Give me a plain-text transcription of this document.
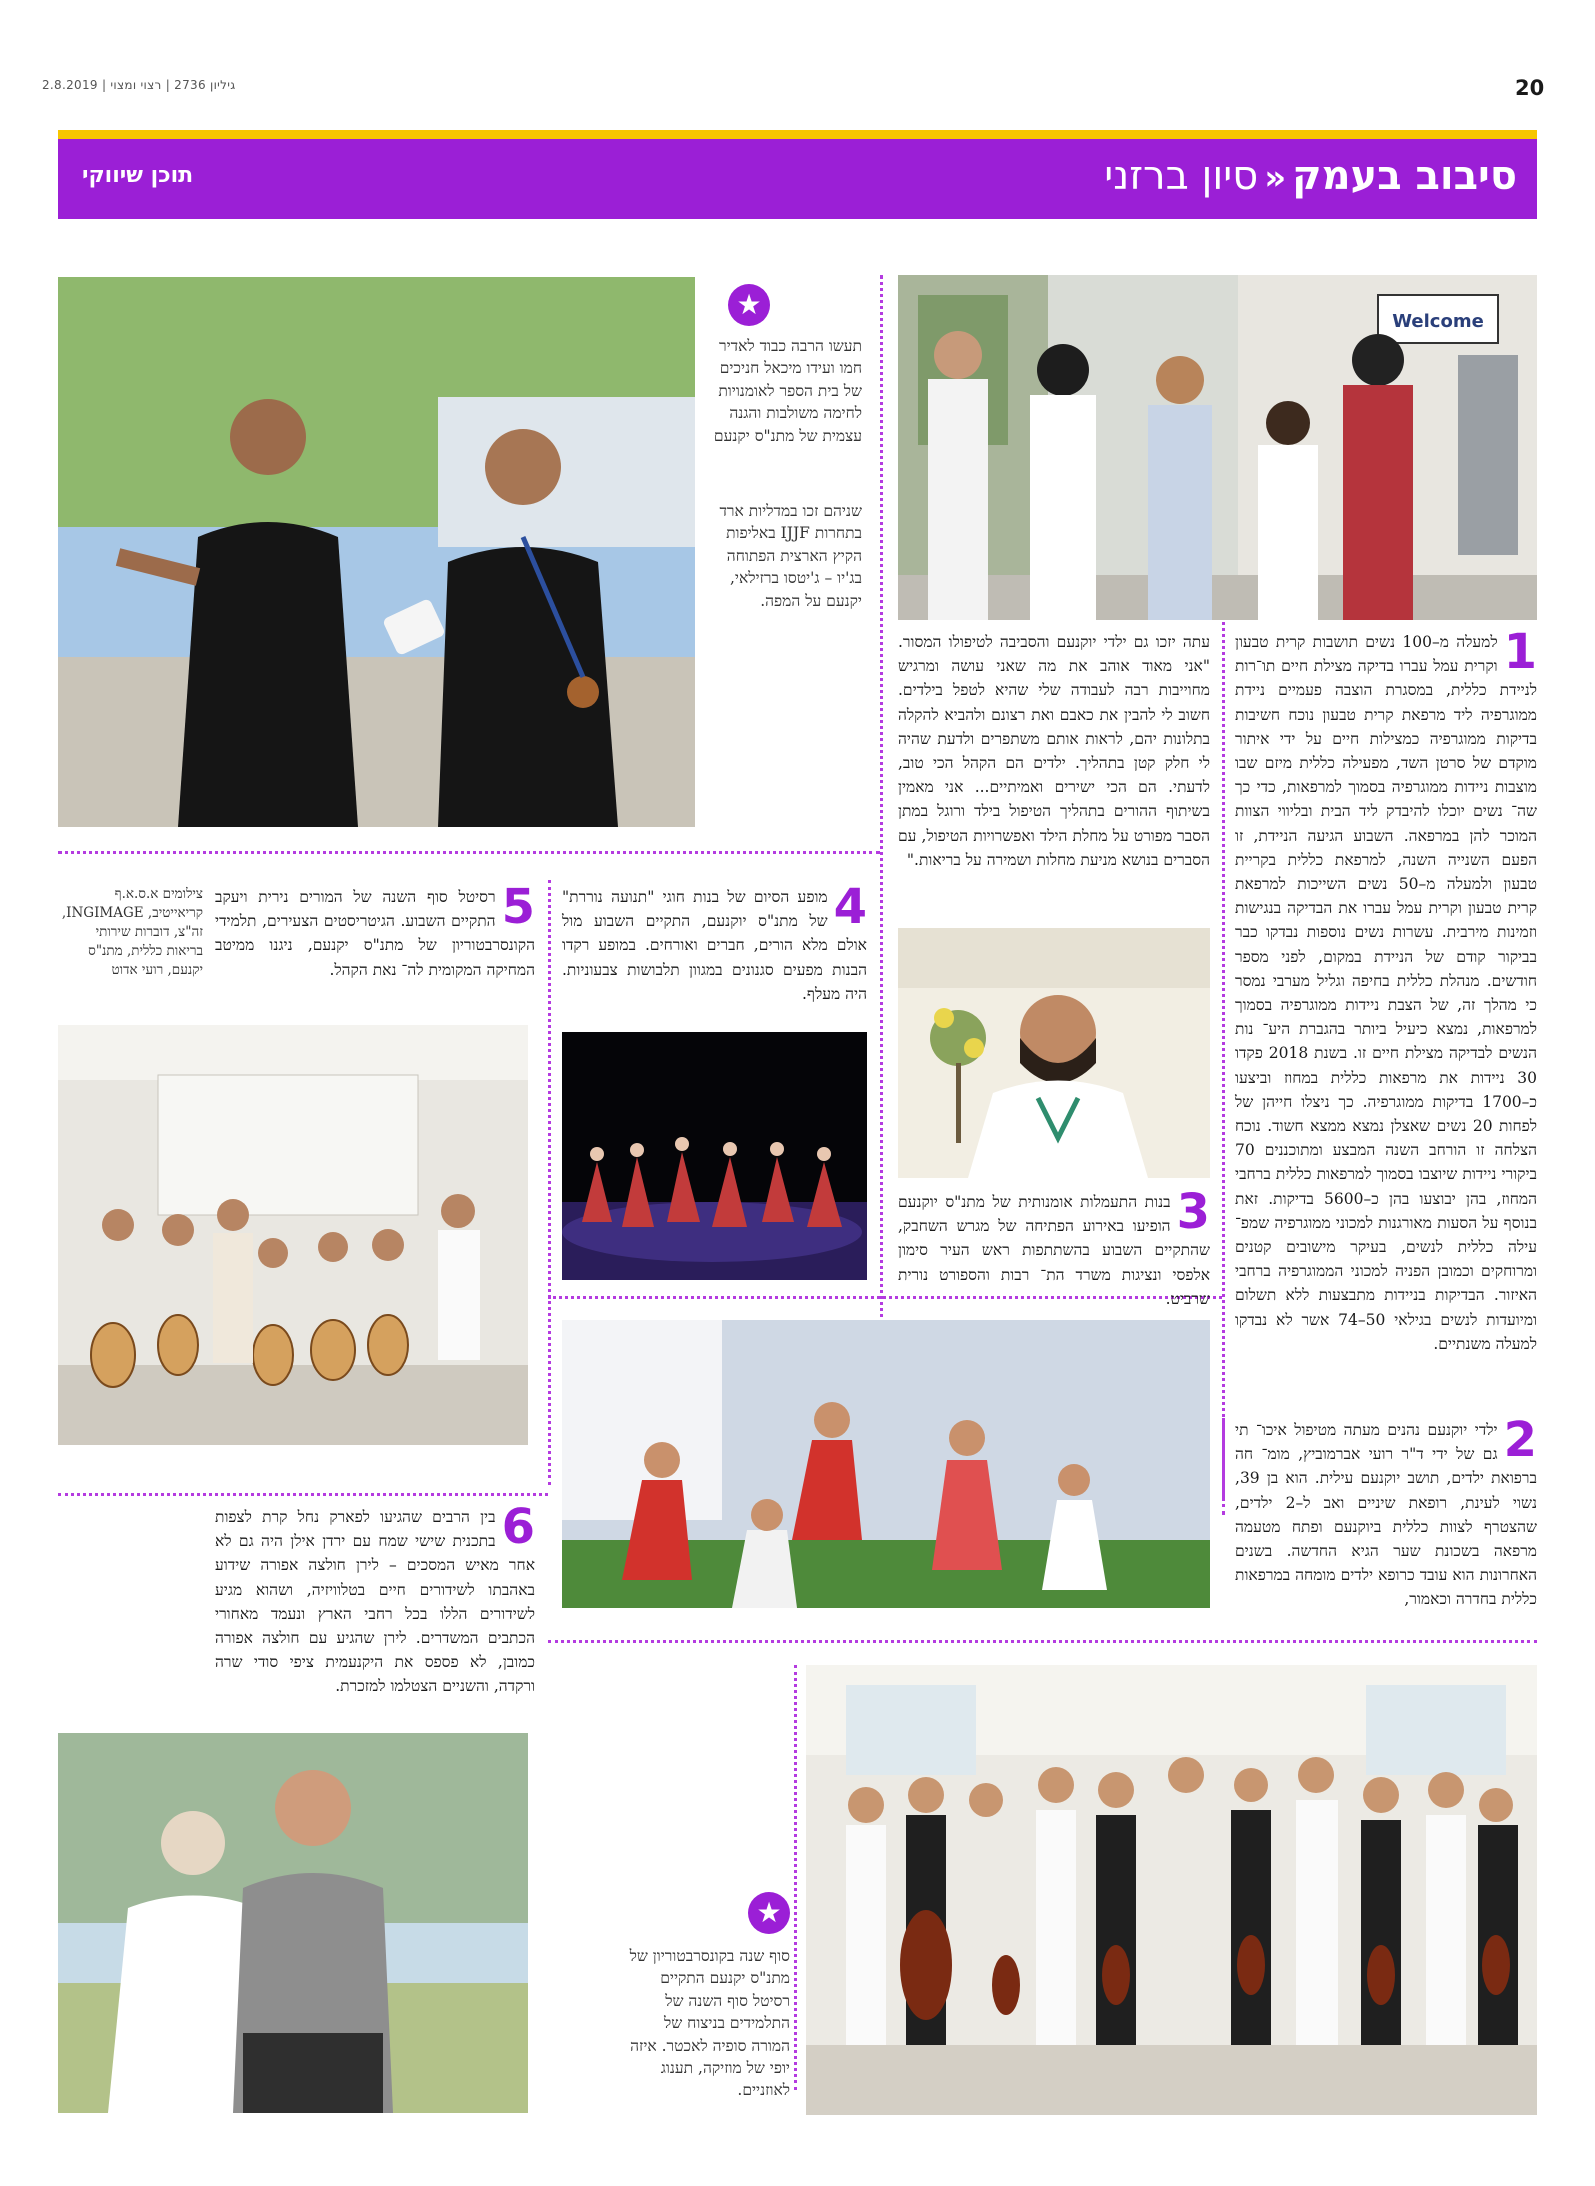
2.8.2019 | גיליון 2736 | רצוי ומצוי	20
סיבוב בעמק«סיון ברזני
תוכן שיווקי
Welcome
1
למעלה מ–100 נשים תושבות קרית טבעון וקרית עמל עברו בדיקה מצילת חיים תו־רות לניידת כללית, במסגרת הוצבה פעמיים ניידת ממוגרפיה ליד מרפאת קרית טבעון נוכח חשיבות בדיקות ממוגרפיה כמצילות חיים על ידי איתור מוקדם של סרטן השד, מפעילה כללית מיזם שבו מוצבות ניידות ממוגרפיה בסמוך למרפאות, כדי כך שה־ נשים יוכלו להיבדק ליד הבית ובליווי הצוות המוכר להן במרפאה. השבוע הגיעה הניידת, זו הפעם השנייה השנה, למרפאת כללית בקריית טבעון ולמעלה מ–50 נשים השייכות למרפאת קרית טבעון וקרית עמל עברו את הבדיקה בנגישות וזמינות מירבית. עשרות נשים נוספות נבדקו כבר בביקור קודם של הניידת במקום, לפני מספר חודשים. מנהלת כללית בחיפה וגליל מערבי נמסר כי מהלך זה, של הצבת ניידות ממוגרפיה בסמוך למרפאות, נמצא כיעיל ביותר בהגברת היע־ נות הנשים לבדיקה מצילת חיים זו. בשנת 2018 פקדו 30 ניידות את מרפאות כללית במחוז וביצעו כ–1700 בדיקות ממוגרפיה. כך ניצלו חייהן של לפחות 20 נשים שאצלן נמצא ממצא חשוד. נוכח הצלחה זו הורחב השנה המבצע ומתוכננים 70 ביקורי ניידות שיוצבו בסמוך למרפאות כללית ברחבי המחוז, בהן יבוצעו בהן כ–5600 בדיקות. זאת בנוסף על הסעות מאורגנות למכוני ממוגרפיה שמפ־ עילה כללית לנשים, בעיקר מישובים קטנים ומרוחקים וכמובן הפניה למכוני הממוגרפיה ברחבי האיזור. הבדיקות בניידות מתבצעות ללא תשלום ומיועדות לנשים בגילאי 50–74 אשר לא נבדקו למעלה משנתיים.
עתה יזכו גם ילדי יוקנעם והסביבה לטיפולו המסור. "אני מאוד אוהב את מה שאני עושה ומרגיש מחוייבות רבה לעבודה שלי שהיא לטפל בילדים. חשוב לי להבין את כאבם ואת רצונם ולהביא להקלה בתלונות יהם, לראות אותם משתפרים ולדעת שהיה לי חלק קטן בתהליך. ילדים הם הקהל הכי טוב, לדעתי. הם הכי ישירים ואמיתיים... אני מאמין בשיתוף ההורים בתהליך הטיפול בילד ורוגל במתן הסבר מפורט על מחלת הילד ואפשרויות הטיפול, עם הסברים בנושא מניעת מחלות ושמירה על בריאות."
3
בנות התעמלות אומנותית של מתנ"ס יוקנעם הופיעו באירוע הפתיחה של מגרש השחבק, שהתקיים השבוע בהשתתפות ראש העיר סימון אלפסי ונציגות משרד הת־ רבות והספורט נורית שרביט.
2
ילדי יוקנעם נהנים מעתה מטיפול איכו־ תי גם של ידי ד"ר רועי אברמוביץ, מומ־ חה ברפואת ילדים, תושב יוקנעם עילית. הוא בן 39, נשוי לעינת, רופאת שיניים ואב ל–2 ילדים, שהצטרף לצוות כללית ביוקנעם ופתח מטעמה מרפאה בשכונת שער הגיא החדשה. בשנים האחרונות הוא עובד כרופא ילדים מומחה במרפאות כללית בחדרה וכאמור,
★
תעשו הרבה כבוד לאדיר חמו ועידו מיכאל חניכים של בית הספר לאומנויות לחימה משולבות והגנה עצמית של מתנ"ס יקנעם
שניהם זכו במדליות ארד בתחרות IJJF באליפות הקיץ הארצית הפתוחה בג'יו – ג'יטסו ברזילאי, יקנעם על המפה.
4
מופע הסיום של בנות חוגי "תנועה נוררת" של מתנ"ס יוקנעם, התקיים השבוע מול אולם מלא הורים, חברים ואורחים. במופע רקדו הבנות מפעים סגנונים במגוון תלבושות צבעוניות. היה מעלף.
5
רסיטל סוף השנה של המורים נירית ויעקב התקיים השבוע. הגיטריסטים הצעירים, תלמידי הקונסרבטוריון של מתנ"ס יקנעם, ניגנו ממיטב המחיקה המקומית לה־ נאת הקהל.
צילומים א.ס.א.ף קריאייטיב, INGIMAGE, זה"צ, דוברות שירותי בריאות כללית, מתנ"ס יקנעם, רועי אדוט
6
בין הרבים שהגיעו לפארק נחל קרת לצפות בתכנית שישי שמח עם ירדן אילן היה גם לא אחר מאיש המסכים – לירן חולצה אפורה שידוע באהבתו לשידורים חיים בטלוויזיה, ושהוא מגיע לשידורים הללו בכל רחבי הארץ ונעמד מאחורי הכתבים המשדרים. לירן שהגיע עם חולצה אפורה כמובן, לא פספס את היקנעמית ציפי סודי שרה ורקדה, והשניים הצטלמו למזכרת.
★
סוף שנה בקונסרבטוריון של מתנ"ס יקנעם התקיים רסיטל סוף השנה של התלמידים בניצוח של המורה סופיה לאכטר. איזה יופי של מוזיקה, תענוג לאוזניים.
